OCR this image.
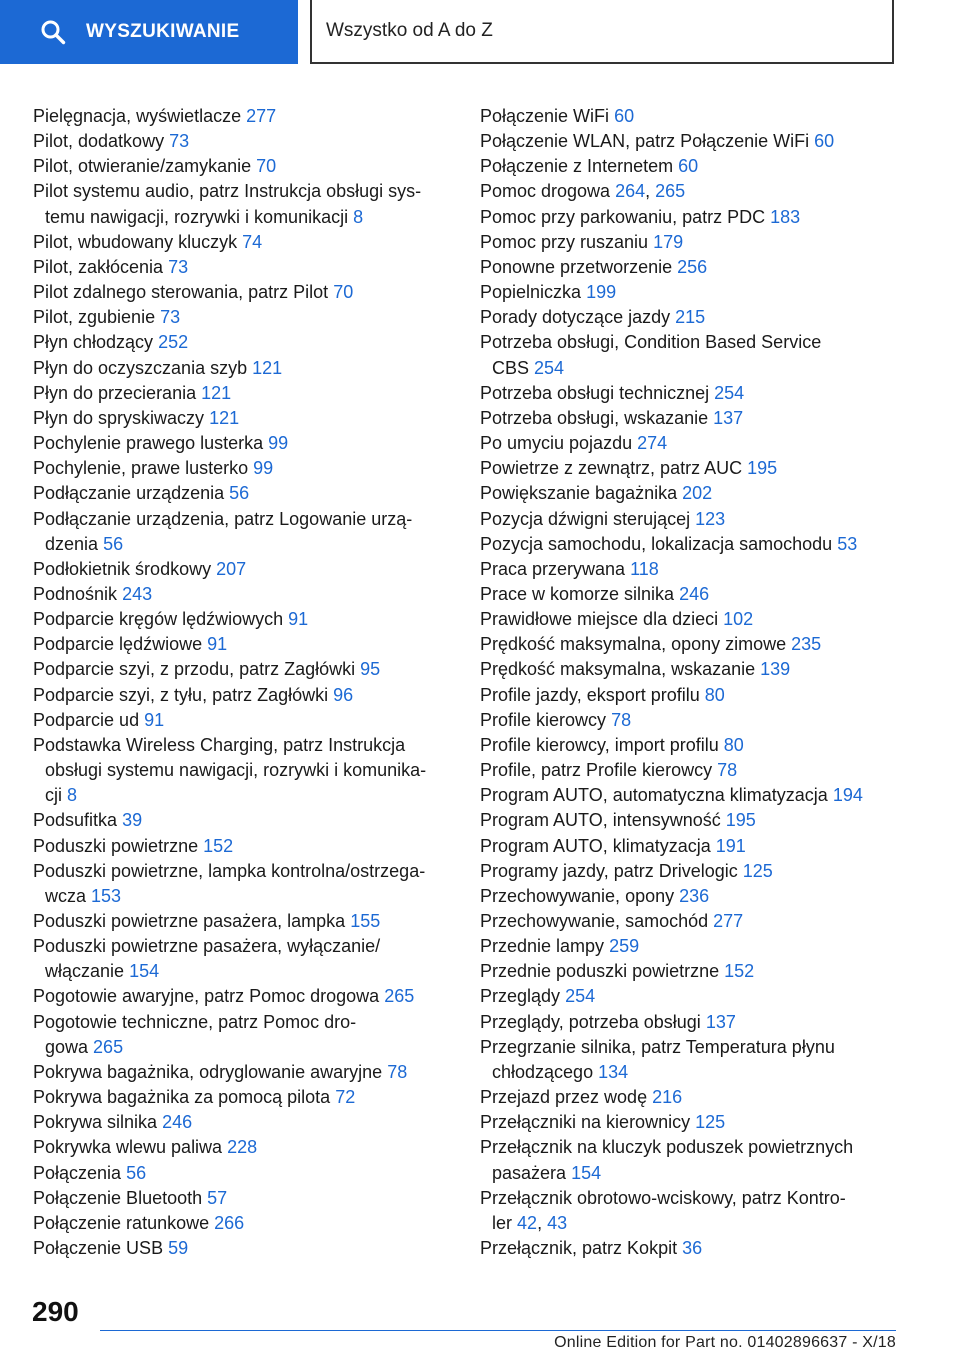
WYSZUKIWANIE	Wszystko od A do Z
Pielęgnacja, wyświetlacze 277
Pilot, dodatkowy 73
Pilot, otwieranie/zamykanie 70
Pilot systemu audio, patrz Instrukcja obsługi sys-
temu nawigacji, rozrywki i komunikacji 8
Pilot, wbudowany kluczyk 74
Pilot, zakłócenia 73
Pilot zdalnego sterowania, patrz Pilot 70
Pilot, zgubienie 73
Płyn chłodzący 252
Płyn do oczyszczania szyb 121
Płyn do przecierania 121
Płyn do spryskiwaczy 121
Pochylenie prawego lusterka 99
Pochylenie, prawe lusterko 99
Podłączanie urządzenia 56
Podłączanie urządzenia, patrz Logowanie urzą-
dzenia 56
Podłokietnik środkowy 207
Podnośnik 243
Podparcie kręgów lędźwiowych 91
Podparcie lędźwiowe 91
Podparcie szyi, z przodu, patrz Zagłówki 95
Podparcie szyi, z tyłu, patrz Zagłówki 96
Podparcie ud 91
Podstawka Wireless Charging, patrz Instrukcja
obsługi systemu nawigacji, rozrywki i komunika-
cji 8
Podsufitka 39
Poduszki powietrzne 152
Poduszki powietrzne, lampka kontrolna/ostrzega-
wcza 153
Poduszki powietrzne pasażera, lampka 155
Poduszki powietrzne pasażera, wyłączanie/
włączanie 154
Pogotowie awaryjne, patrz Pomoc drogowa 265
Pogotowie techniczne, patrz Pomoc dro-
gowa 265
Pokrywa bagażnika, odryglowanie awaryjne 78
Pokrywa bagażnika za pomocą pilota 72
Pokrywa silnika 246
Pokrywka wlewu paliwa 228
Połączenia 56
Połączenie Bluetooth 57
Połączenie ratunkowe 266
Połączenie USB 59
Połączenie WiFi 60
Połączenie WLAN, patrz Połączenie WiFi 60
Połączenie z Internetem 60
Pomoc drogowa 264, 265
Pomoc przy parkowaniu, patrz PDC 183
Pomoc przy ruszaniu 179
Ponowne przetworzenie 256
Popielniczka 199
Porady dotyczące jazdy 215
Potrzeba obsługi, Condition Based Service
CBS 254
Potrzeba obsługi technicznej 254
Potrzeba obsługi, wskazanie 137
Po umyciu pojazdu 274
Powietrze z zewnątrz, patrz AUC 195
Powiększanie bagażnika 202
Pozycja dźwigni sterującej 123
Pozycja samochodu, lokalizacja samochodu 53
Praca przerywana 118
Prace w komorze silnika 246
Prawidłowe miejsce dla dzieci 102
Prędkość maksymalna, opony zimowe 235
Prędkość maksymalna, wskazanie 139
Profile jazdy, eksport profilu 80
Profile kierowcy 78
Profile kierowcy, import profilu 80
Profile, patrz Profile kierowcy 78
Program AUTO, automatyczna klimatyzacja 194
Program AUTO, intensywność 195
Program AUTO, klimatyzacja 191
Programy jazdy, patrz Drivelogic 125
Przechowywanie, opony 236
Przechowywanie, samochód 277
Przednie lampy 259
Przednie poduszki powietrzne 152
Przeglądy 254
Przeglądy, potrzeba obsługi 137
Przegrzanie silnika, patrz Temperatura płynu
chłodzącego 134
Przejazd przez wodę 216
Przełączniki na kierownicy 125
Przełącznik na kluczyk poduszek powietrznych
pasażera 154
Przełącznik obrotowo-wciskowy, patrz Kontro-
ler 42, 43
Przełącznik, patrz Kokpit 36
290
Online Edition for Part no. 01402896637 - X/18
